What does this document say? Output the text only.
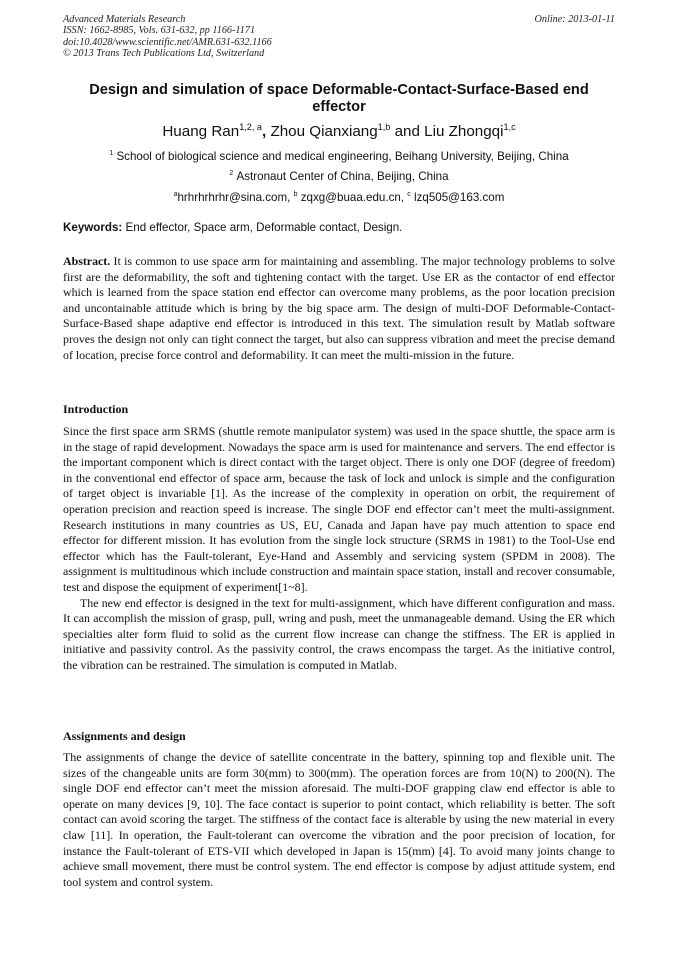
Advanced Materials Research
ISSN: 1662-8985, Vols. 631-632, pp 1166-1171
doi:10.4028/www.scientific.net/AMR.631-632.1166
© 2013 Trans Tech Publications Ltd, Switzerland
Online: 2013-01-11
Design and simulation of space Deformable-Contact-Surface-Based end effector
Huang Ran$^{1,2, a}$, Zhou Qianxiang$^{1,b}$ and Liu Zhongqi$^{1,c}$
$^1$ School of biological science and medical engineering, Beihang University, Beijing, China
$^2$ Astronaut Center of China, Beijing, China
$^a$hrhrhrhrhr@sina.com, $^b$ zqxg@buaa.edu.cn, $^c$ lzq505@163.com
Keywords: End effector, Space arm, Deformable contact, Design.
Abstract. It is common to use space arm for maintaining and assembling. The major technology problems to solve first are the deformability, the soft and tightening contact with the target. Use ER as the contactor of end effector which is learned from the space station end effector can overcome many problems, as the poor location precision and uncontainable attitude which is bring by the big space arm. The design of multi-DOF Deformable-Contact-Surface-Based shape adaptive end effector is introduced in this text. The simulation result by Matlab software proves the design not only can tight connect the target, but also can suppress vibration and meet the precise demand of location, precise force control and deformability. It can meet the multi-mission in the future.
Introduction

Since the first space arm SRMS (shuttle remote manipulator system) was used in the space shuttle, the space arm is in the stage of rapid development. Nowadays the space arm is used for maintenance and servers. The end effector is the important component which is direct contact with the target object. There is only one DOF (degree of freedom) in the conventional end effector of space arm, because the task of lock and unlock is simple and the configuration of target object is invariable [1]. As the increase of the complexity in operation on orbit, the requirement of operation precision and reaction speed is increase. The single DOF end effector can’t meet the multi-assignment. Research institutions in many countries as US, EU, Canada and Japan have pay much attention to space end effector for different mission. It has evolution from the single lock structure (SRMS in 1981) to the Tool-Use end effector which has the Fault-tolerant, Eye-Hand and Assembly and servicing system (SPDM in 2008). The assignment is multitudinous which include construction and maintain space station, install and recover consumable, test and dispose the equipment of experiment[1~8].

The new end effector is designed in the text for multi-assignment, which have different configuration and mass. It can accomplish the mission of grasp, pull, wring and push, meet the unmanageable demand. Using the ER which specialties alter form fluid to solid as the current flow increase can change the stiffness. The ER is applied in initiative and passivity control. As the passivity control, the craws encompass the target. As the initiative control, the vibration can be restrained. The simulation is computed in Matlab.

Assignments and design
The assignments of change the device of satellite concentrate in the battery, spinning top and flexible unit. The sizes of the changeable units are form 30(mm) to 300(mm). The operation forces are from 10(N) to 200(N). The single DOF end effector can’t meet the mission aforesaid. The multi-DOF grapping claw end effector is able to operate on many devices [9, 10]. The face contact is superior to point contact, which reliability is better. The soft contact can avoid scoring the target. The stiffness of the contact face is alterable by using the new material in every claw [11]. In operation, the Fault-tolerant can overcome the vibration and the poor precision of location, for instance the Fault-tolerant of ETS-VII which developed in Japan is 15(mm) [4]. To avoid many joints change to achieve small movement, there must be control system. The end effector is compose by adjust attitude system, end tool system and control system.
